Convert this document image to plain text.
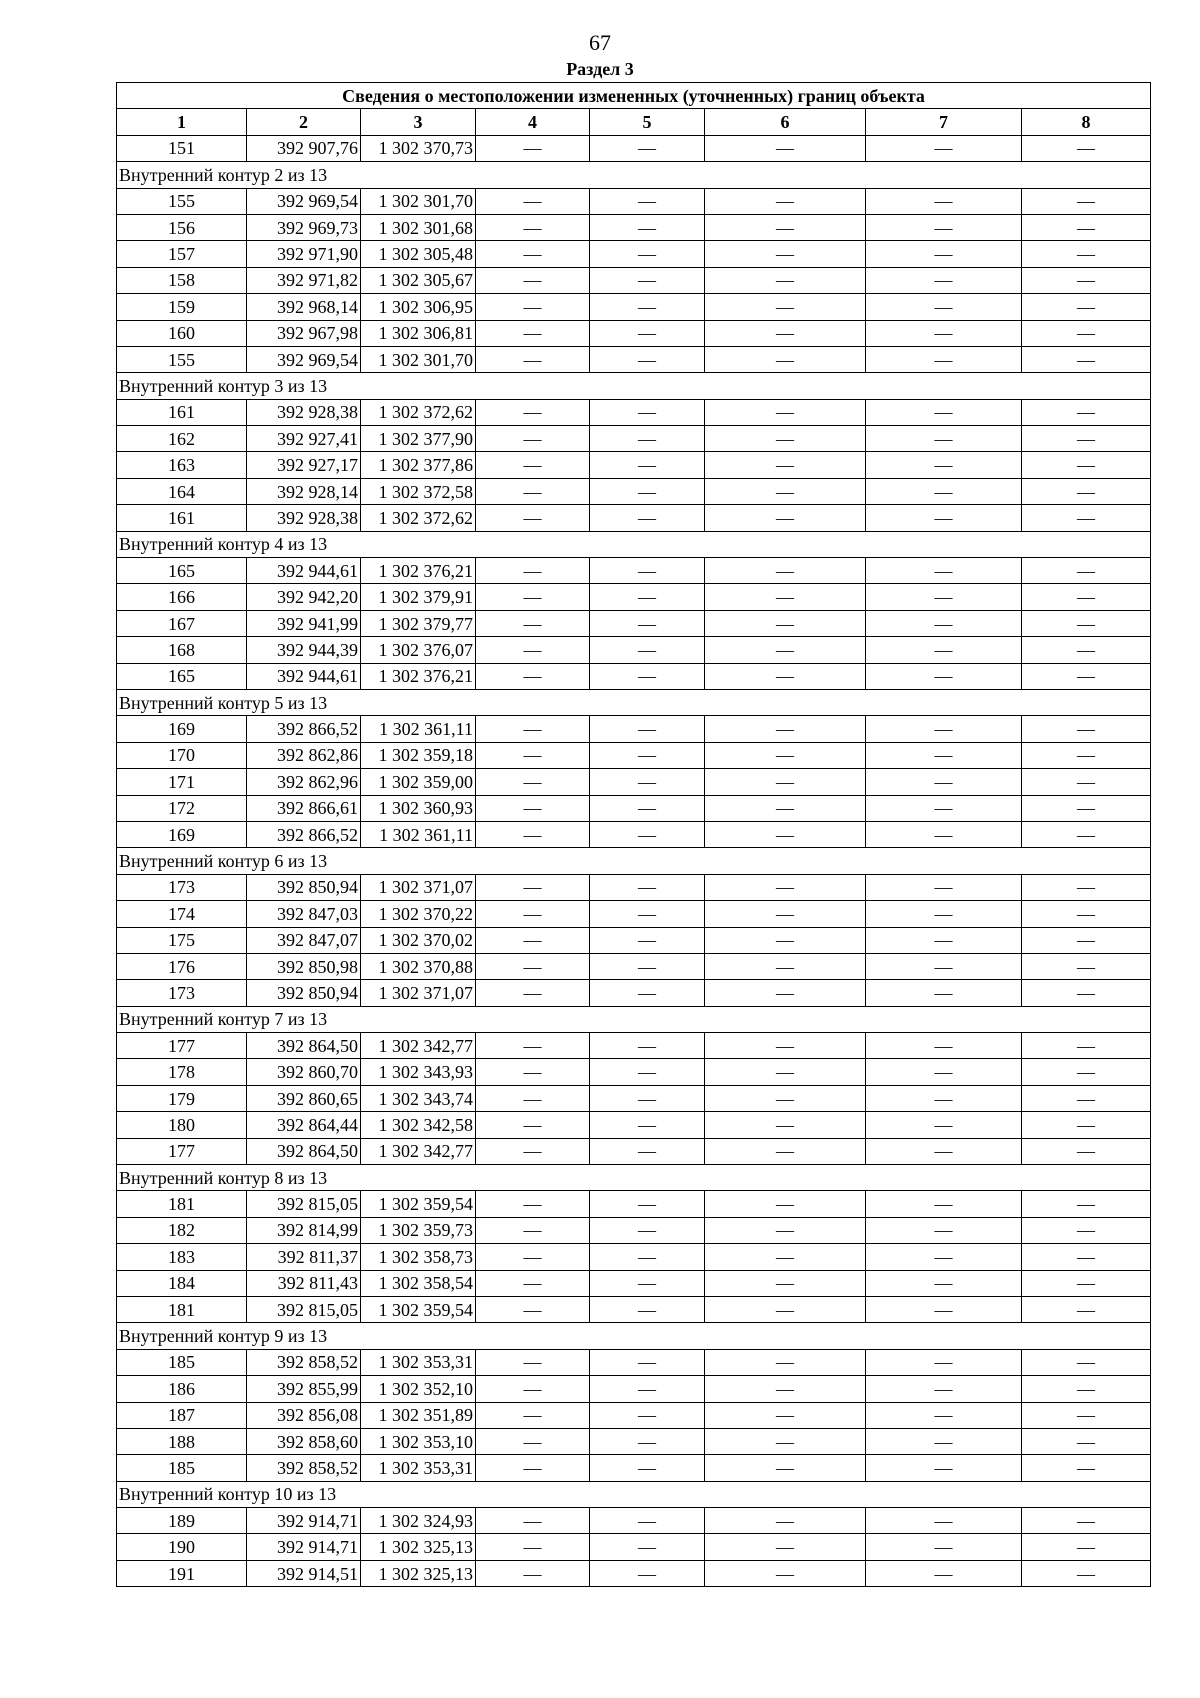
67
Раздел 3
Сведения о местоположении измененных (уточненных) границ объекта							
1	2	3	4	5	6	7	8
151	392 907,76	1 302 370,73	—	—	—	—	—
Внутренний контур 2 из 13							
155	392 969,54	1 302 301,70	—	—	—	—	—
156	392 969,73	1 302 301,68	—	—	—	—	—
157	392 971,90	1 302 305,48	—	—	—	—	—
158	392 971,82	1 302 305,67	—	—	—	—	—
159	392 968,14	1 302 306,95	—	—	—	—	—
160	392 967,98	1 302 306,81	—	—	—	—	—
155	392 969,54	1 302 301,70	—	—	—	—	—
Внутренний контур 3 из 13							
161	392 928,38	1 302 372,62	—	—	—	—	—
162	392 927,41	1 302 377,90	—	—	—	—	—
163	392 927,17	1 302 377,86	—	—	—	—	—
164	392 928,14	1 302 372,58	—	—	—	—	—
161	392 928,38	1 302 372,62	—	—	—	—	—
Внутренний контур 4 из 13							
165	392 944,61	1 302 376,21	—	—	—	—	—
166	392 942,20	1 302 379,91	—	—	—	—	—
167	392 941,99	1 302 379,77	—	—	—	—	—
168	392 944,39	1 302 376,07	—	—	—	—	—
165	392 944,61	1 302 376,21	—	—	—	—	—
Внутренний контур 5 из 13							
169	392 866,52	1 302 361,11	—	—	—	—	—
170	392 862,86	1 302 359,18	—	—	—	—	—
171	392 862,96	1 302 359,00	—	—	—	—	—
172	392 866,61	1 302 360,93	—	—	—	—	—
169	392 866,52	1 302 361,11	—	—	—	—	—
Внутренний контур 6 из 13							
173	392 850,94	1 302 371,07	—	—	—	—	—
174	392 847,03	1 302 370,22	—	—	—	—	—
175	392 847,07	1 302 370,02	—	—	—	—	—
176	392 850,98	1 302 370,88	—	—	—	—	—
173	392 850,94	1 302 371,07	—	—	—	—	—
Внутренний контур 7 из 13							
177	392 864,50	1 302 342,77	—	—	—	—	—
178	392 860,70	1 302 343,93	—	—	—	—	—
179	392 860,65	1 302 343,74	—	—	—	—	—
180	392 864,44	1 302 342,58	—	—	—	—	—
177	392 864,50	1 302 342,77	—	—	—	—	—
Внутренний контур 8 из 13							
181	392 815,05	1 302 359,54	—	—	—	—	—
182	392 814,99	1 302 359,73	—	—	—	—	—
183	392 811,37	1 302 358,73	—	—	—	—	—
184	392 811,43	1 302 358,54	—	—	—	—	—
181	392 815,05	1 302 359,54	—	—	—	—	—
Внутренний контур 9 из 13							
185	392 858,52	1 302 353,31	—	—	—	—	—
186	392 855,99	1 302 352,10	—	—	—	—	—
187	392 856,08	1 302 351,89	—	—	—	—	—
188	392 858,60	1 302 353,10	—	—	—	—	—
185	392 858,52	1 302 353,31	—	—	—	—	—
Внутренний контур 10 из 13							
189	392 914,71	1 302 324,93	—	—	—	—	—
190	392 914,71	1 302 325,13	—	—	—	—	—
191	392 914,51	1 302 325,13	—	—	—	—	—
